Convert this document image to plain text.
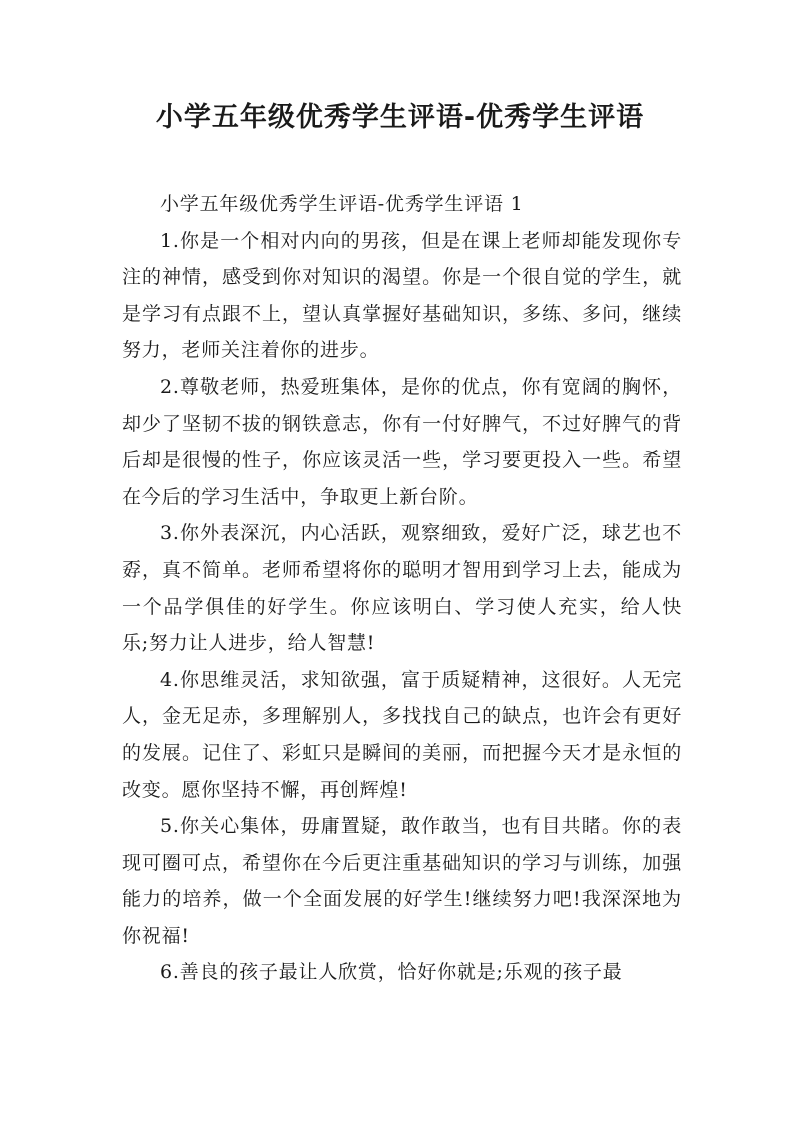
小学五年级优秀学生评语-优秀学生评语

小学五年级优秀学生评语-优秀学生评语 1

1.你是一个相对内向的男孩，但是在课上老师却能发现你专注的神情，感受到你对知识的渴望。你是一个很自觉的学生，就是学习有点跟不上，望认真掌握好基础知识，多练、多问，继续努力，老师关注着你的进步。

2.尊敬老师，热爱班集体，是你的优点，你有宽阔的胸怀，却少了坚韧不拔的钢铁意志，你有一付好脾气，不过好脾气的背后却是很慢的性子，你应该灵活一些，学习要更投入一些。希望在今后的学习生活中，争取更上新台阶。

3.你外表深沉，内心活跃，观察细致，爱好广泛，球艺也不孬，真不简单。老师希望将你的聪明才智用到学习上去，能成为一个品学俱佳的好学生。你应该明白、学习使人充实，给人快乐;努力让人进步，给人智慧!

4.你思维灵活，求知欲强，富于质疑精神，这很好。人无完人，金无足赤，多理解别人，多找找自己的缺点，也许会有更好的发展。记住了、彩虹只是瞬间的美丽，而把握今天才是永恒的改变。愿你坚持不懈，再创辉煌!

5.你关心集体，毋庸置疑，敢作敢当，也有目共睹。你的表现可圈可点，希望你在今后更注重基础知识的学习与训练，加强能力的培养，做一个全面发展的好学生!继续努力吧!我深深地为你祝福!

6.善良的孩子最让人欣赏，恰好你就是;乐观的孩子最
